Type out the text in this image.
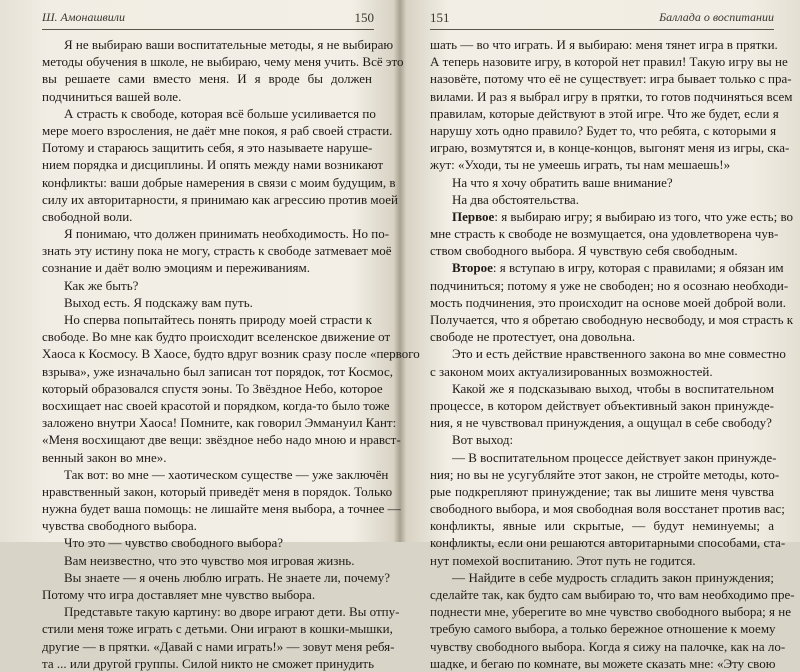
Ш. Амонашвили	150
Я не выбираю ваши воспитательные методы, я не выбираю
методы обучения в школе, не выбираю, чему меня учить. Всё это
вы решаете сами вместо меня. И я вроде бы должен
подчиниться вашей воле.
А страсть к свободе, которая всё больше усиливается по
мере моего взросления, не даёт мне покоя, я раб своей страсти.
Потому и стараюсь защитить себя, я это называете наруше-
нием порядка и дисциплины. И опять между нами возникают
конфликты: ваши добрые намерения в связи с моим будущим, в
силу их авторитарности, я принимаю как агрессию против моей
свободной воли.
Я понимаю, что должен принимать необходимость. Но по-
знать эту истину пока не могу, страсть к свободе затмевает моё
сознание и даёт волю эмоциям и переживаниям.
Как же быть?
Выход есть. Я подскажу вам путь.
Но сперва попытайтесь понять природу моей страсти к
свободе. Во мне как будто происходит вселенское движение от
Хаоса к Космосу. В Хаосе, будто вдруг возник сразу после «первого
взрыва», уже изначально был записан тот порядок, тот Космос,
который образовался спустя эоны. То Звёздное Небо, которое
восхищает нас своей красотой и порядком, когда-то было тоже
заложено внутри Хаоса! Помните, как говорил Эммануил Кант:
«Меня восхищают две вещи: звёздное небо надо мною и нравст-
венный закон во мне».
Так вот: во мне — хаотическом существе — уже заключён
нравственный закон, который приведёт меня в порядок. Только
нужна будет ваша помощь: не лишайте меня выбора, а точнее —
чувства свободного выбора.
Что это — чувство свободного выбора?
Вам неизвестно, что это чувство моя игровая жизнь.
Вы знаете — я очень люблю играть. Не знаете ли, почему?
Потому что игра доставляет мне чувство выбора.
Представьте такую картину: во дворе играют дети. Вы отпу-
стили меня тоже играть с детьми. Они играют в кошки-мышки,
другие — в прятки. «Давай с нами играть!» — зовут меня ребя-
та ... или другой группы. Силой никто не сможет принудить
151	Баллада о воспитании
шать — во что играть. И я выбираю: меня тянет игра в прятки.
А теперь назовите игру, в которой нет правил! Такую игру вы не
назовёте, потому что её не существует: игра бывает только с пра-
вилами. И раз я выбрал игру в прятки, то готов подчиняться всем
правилам, которые действуют в этой игре. Что же будет, если я
нарушу хоть одно правило? Будет то, что ребята, с которыми я
играю, возмутятся и, в конце-концов, выгонят меня из игры, ска-
жут: «Уходи, ты не умеешь играть, ты нам мешаешь!»
На что я хочу обратить ваше внимание?
На два обстоятельства.
Первое: я выбираю игру; я выбираю из того, что уже есть; во
мне страсть к свободе не возмущается, она удовлетворена чув-
ством свободного выбора. Я чувствую себя свободным.
Второе: я вступаю в игру, которая с правилами; я обязан им
подчиниться; потому я уже не свободен; но я осознаю необходи-
мость подчинения, это происходит на основе моей доброй воли.
Получается, что я обретаю свободную несвободу, и моя страсть к
свободе не протестует, она довольна.
Это и есть действие нравственного закона во мне совместно
с законом моих актуализированных возможностей.
Какой же я подсказываю выход, чтобы в воспитательном
процессе, в котором действует объективный закон принужде-
ния, я не чувствовал принуждения, а ощущал в себе свободу?
Вот выход:
— В воспитательном процессе действует закон принужде-
ния; но вы не усугубляйте этот закон, не стройте методы, кото-
рые подкрепляют принуждение; так вы лишите меня чувства
свободного выбора, и моя свободная воля восстанет против вас;
конфликты, явные или скрытые, — будут неминуемы; а
конфликты, если они решаются авторитарными способами, ста-
нут помехой воспитанию. Этот путь не годится.
— Найдите в себе мудрость сгладить закон принуждения;
сделайте так, как будто сам выбираю то, что вам необходимо пре-
поднести мне, уберегите во мне чувство свободного выбора; я не
требую самого выбора, а только бережное отношение к моему
чувству свободного выбора. Когда я сижу на палочке, как на ло-
шадке, и бегаю по комнате, вы можете сказать мне: «Эту свою
